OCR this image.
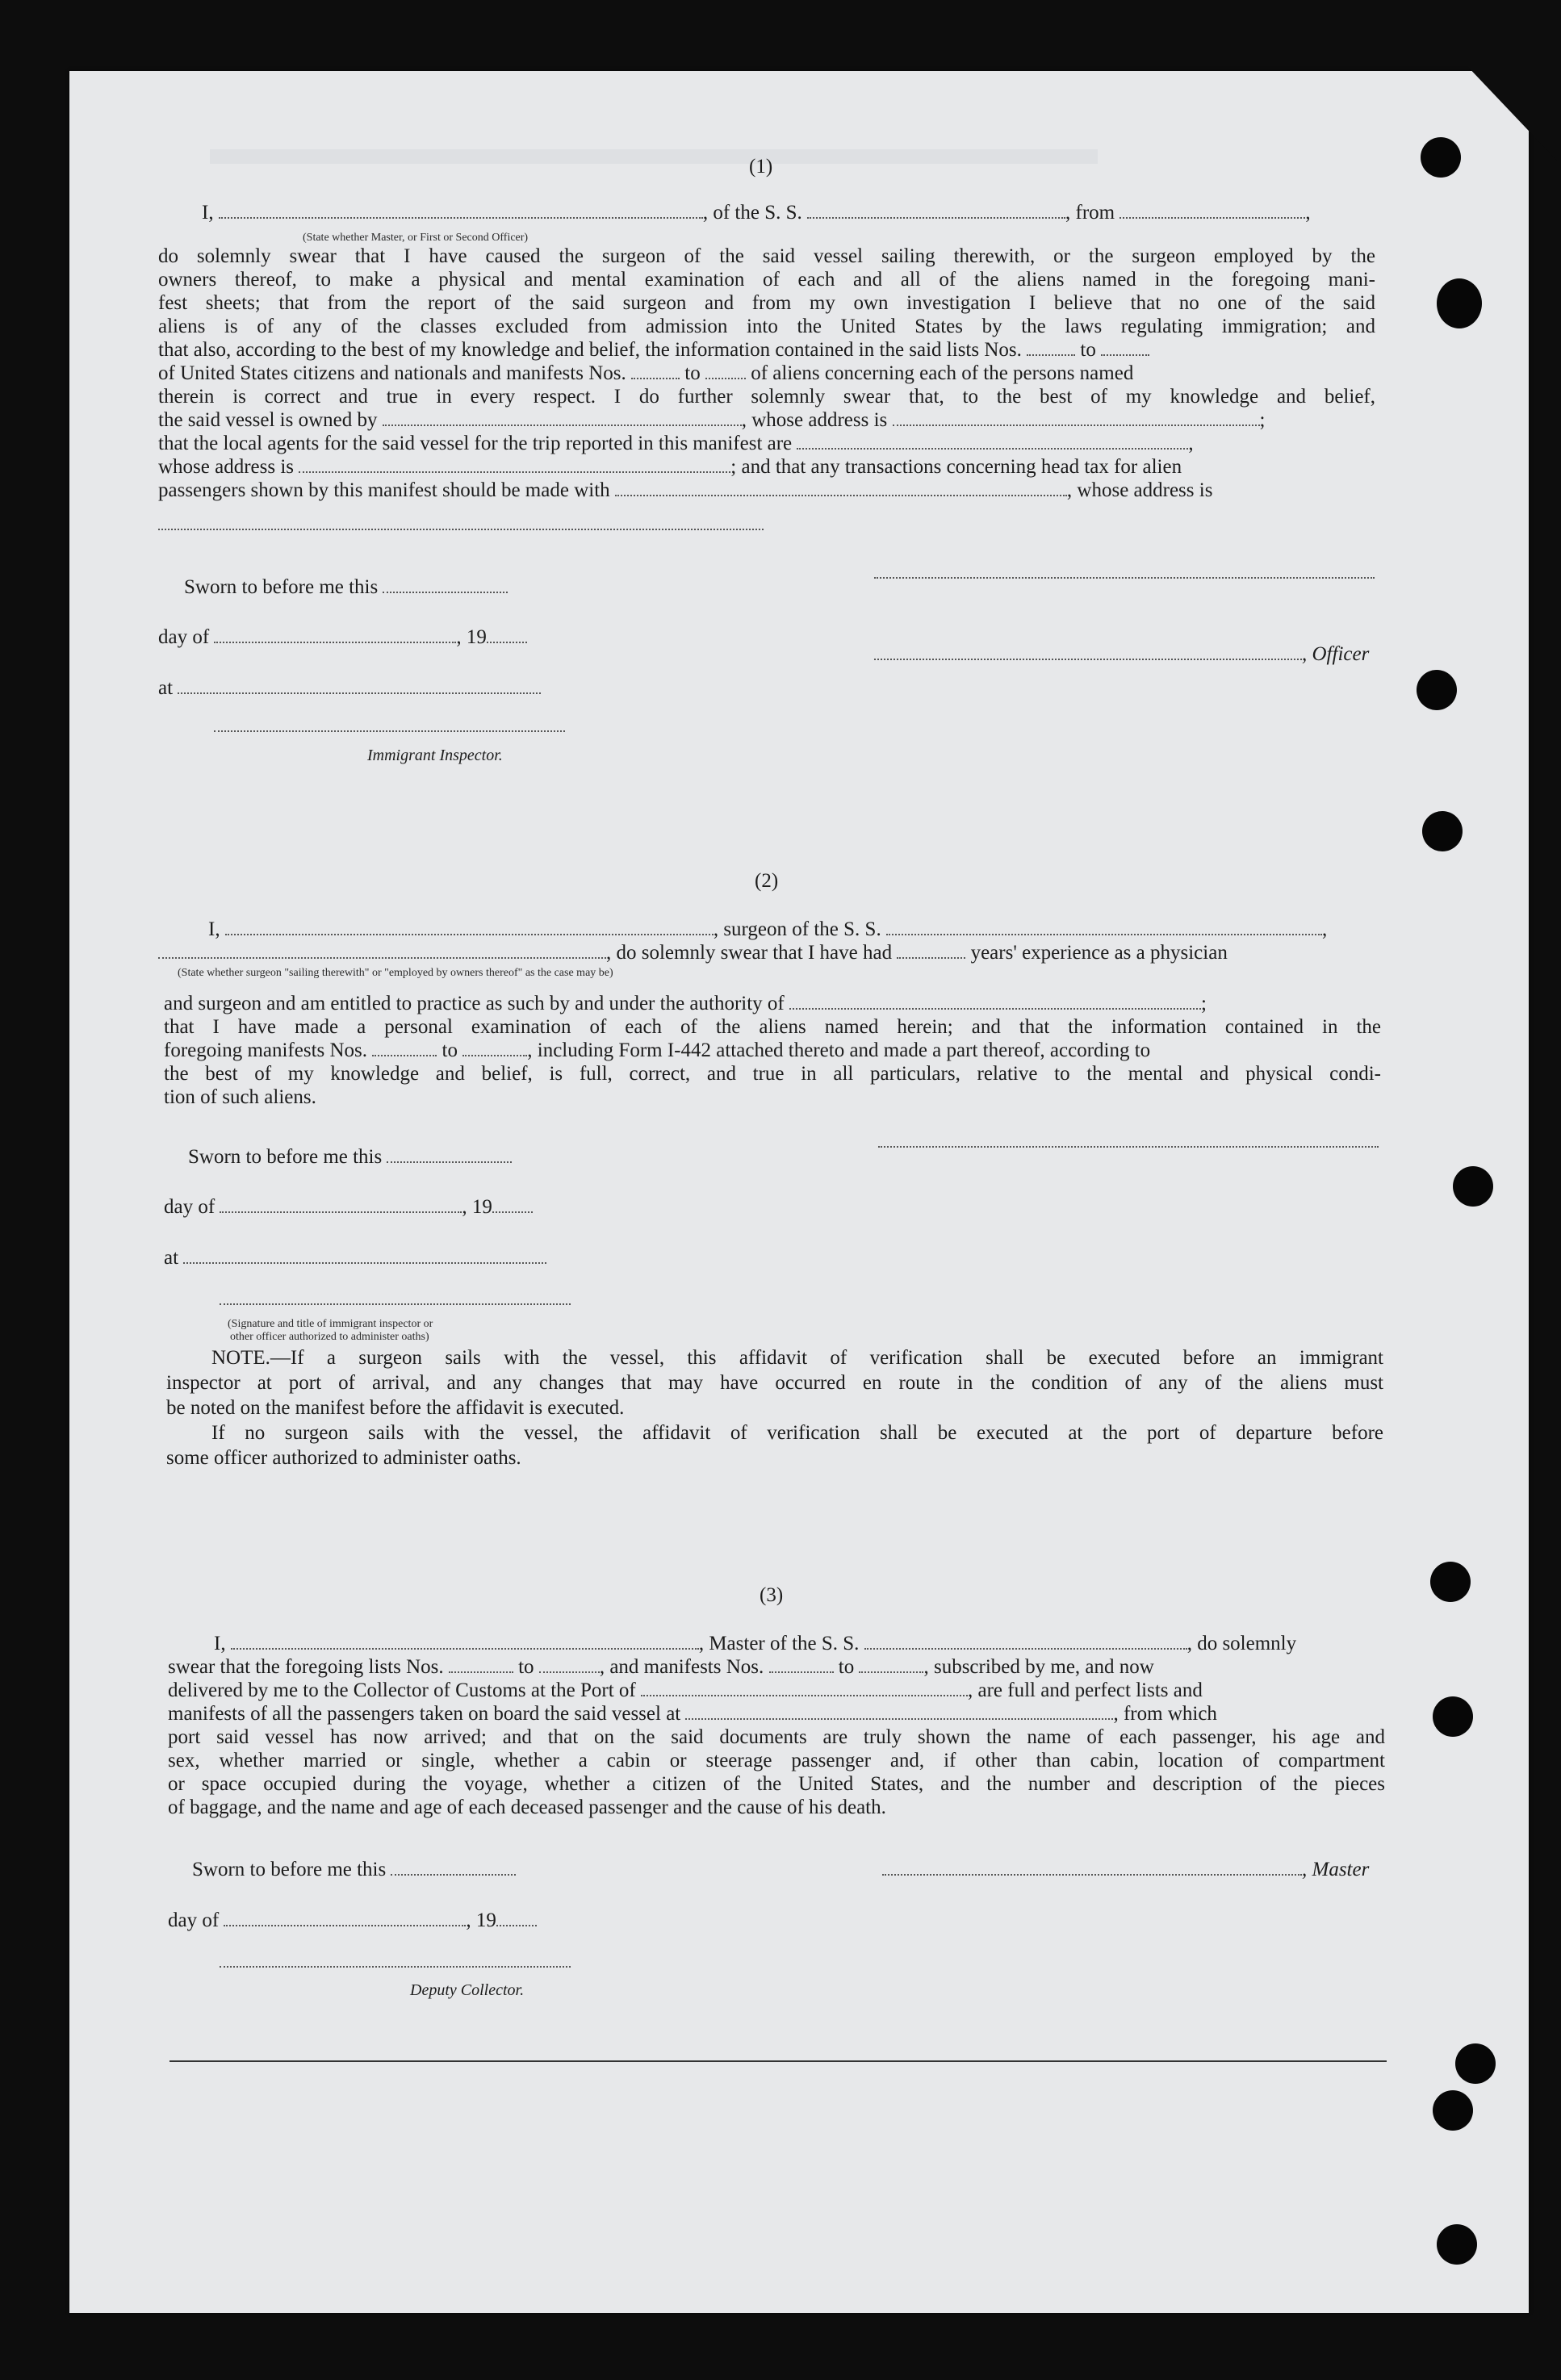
(1)
I,	, of the S. S.	, from	,
(State whether Master, or First or Second Officer)
do solemnly swear that I have caused the surgeon of the said vessel sailing therewith, or the surgeon employed by the
owners thereof, to make a physical and mental examination of each and all of the aliens named in the foregoing mani-
fest sheets; that from the report of the said surgeon and from my own investigation I believe that no one of the said
aliens is of any of the classes excluded from admission into the United States by the laws regulating immigration; and
that also, according to the best of my knowledge and belief, the information contained in the said lists Nos.	to
of United States citizens and nationals and manifests Nos.	to	of aliens concerning each of the persons named
therein is correct and true in every respect. I do further solemnly swear that, to the best of my knowledge and belief,
the said vessel is owned by	, whose address is	;
that the local agents for the said vessel for the trip reported in this manifest are	,
whose address is	; and that any transactions concerning head tax for alien
passengers shown by this manifest should be made with	, whose address is
Sworn to before me this
day of	, 19
, Officer
at
Immigrant Inspector.
(2)
I,	, surgeon of the S. S.	,
, do solemnly swear that I have had	years' experience as a physician
(State whether surgeon "sailing therewith" or "employed by owners thereof" as the case may be)
and surgeon and am entitled to practice as such by and under the authority of	;
that I have made a personal examination of each of the aliens named herein; and that the information contained in the
foregoing manifests Nos.	to	, including Form I-442 attached thereto and made a part thereof, according to
the best of my knowledge and belief, is full, correct, and true in all particulars, relative to the mental and physical condi-
tion of such aliens.
Sworn to before me this
day of	, 19
at
(Signature and title of immigrant inspector or
other officer authorized to administer oaths)
NOTE.—If a surgeon sails with the vessel, this affidavit of verification shall be executed before an immigrant
inspector at port of arrival, and any changes that may have occurred en route in the condition of any of the aliens must
be noted on the manifest before the affidavit is executed.
If no surgeon sails with the vessel, the affidavit of verification shall be executed at the port of departure before
some officer authorized to administer oaths.
(3)
I,	, Master of the S. S.	, do solemnly
swear that the foregoing lists Nos.	to	, and manifests Nos.	to	, subscribed by me, and now
delivered by me to the Collector of Customs at the Port of	, are full and perfect lists and
manifests of all the passengers taken on board the said vessel at	, from which
port said vessel has now arrived; and that on the said documents are truly shown the name of each passenger, his age and
sex, whether married or single, whether a cabin or steerage passenger and, if other than cabin, location of compartment
or space occupied during the voyage, whether a citizen of the United States, and the number and description of the pieces
of baggage, and the name and age of each deceased passenger and the cause of his death.
Sworn to before me this	, Master
day of	, 19
Deputy Collector.
